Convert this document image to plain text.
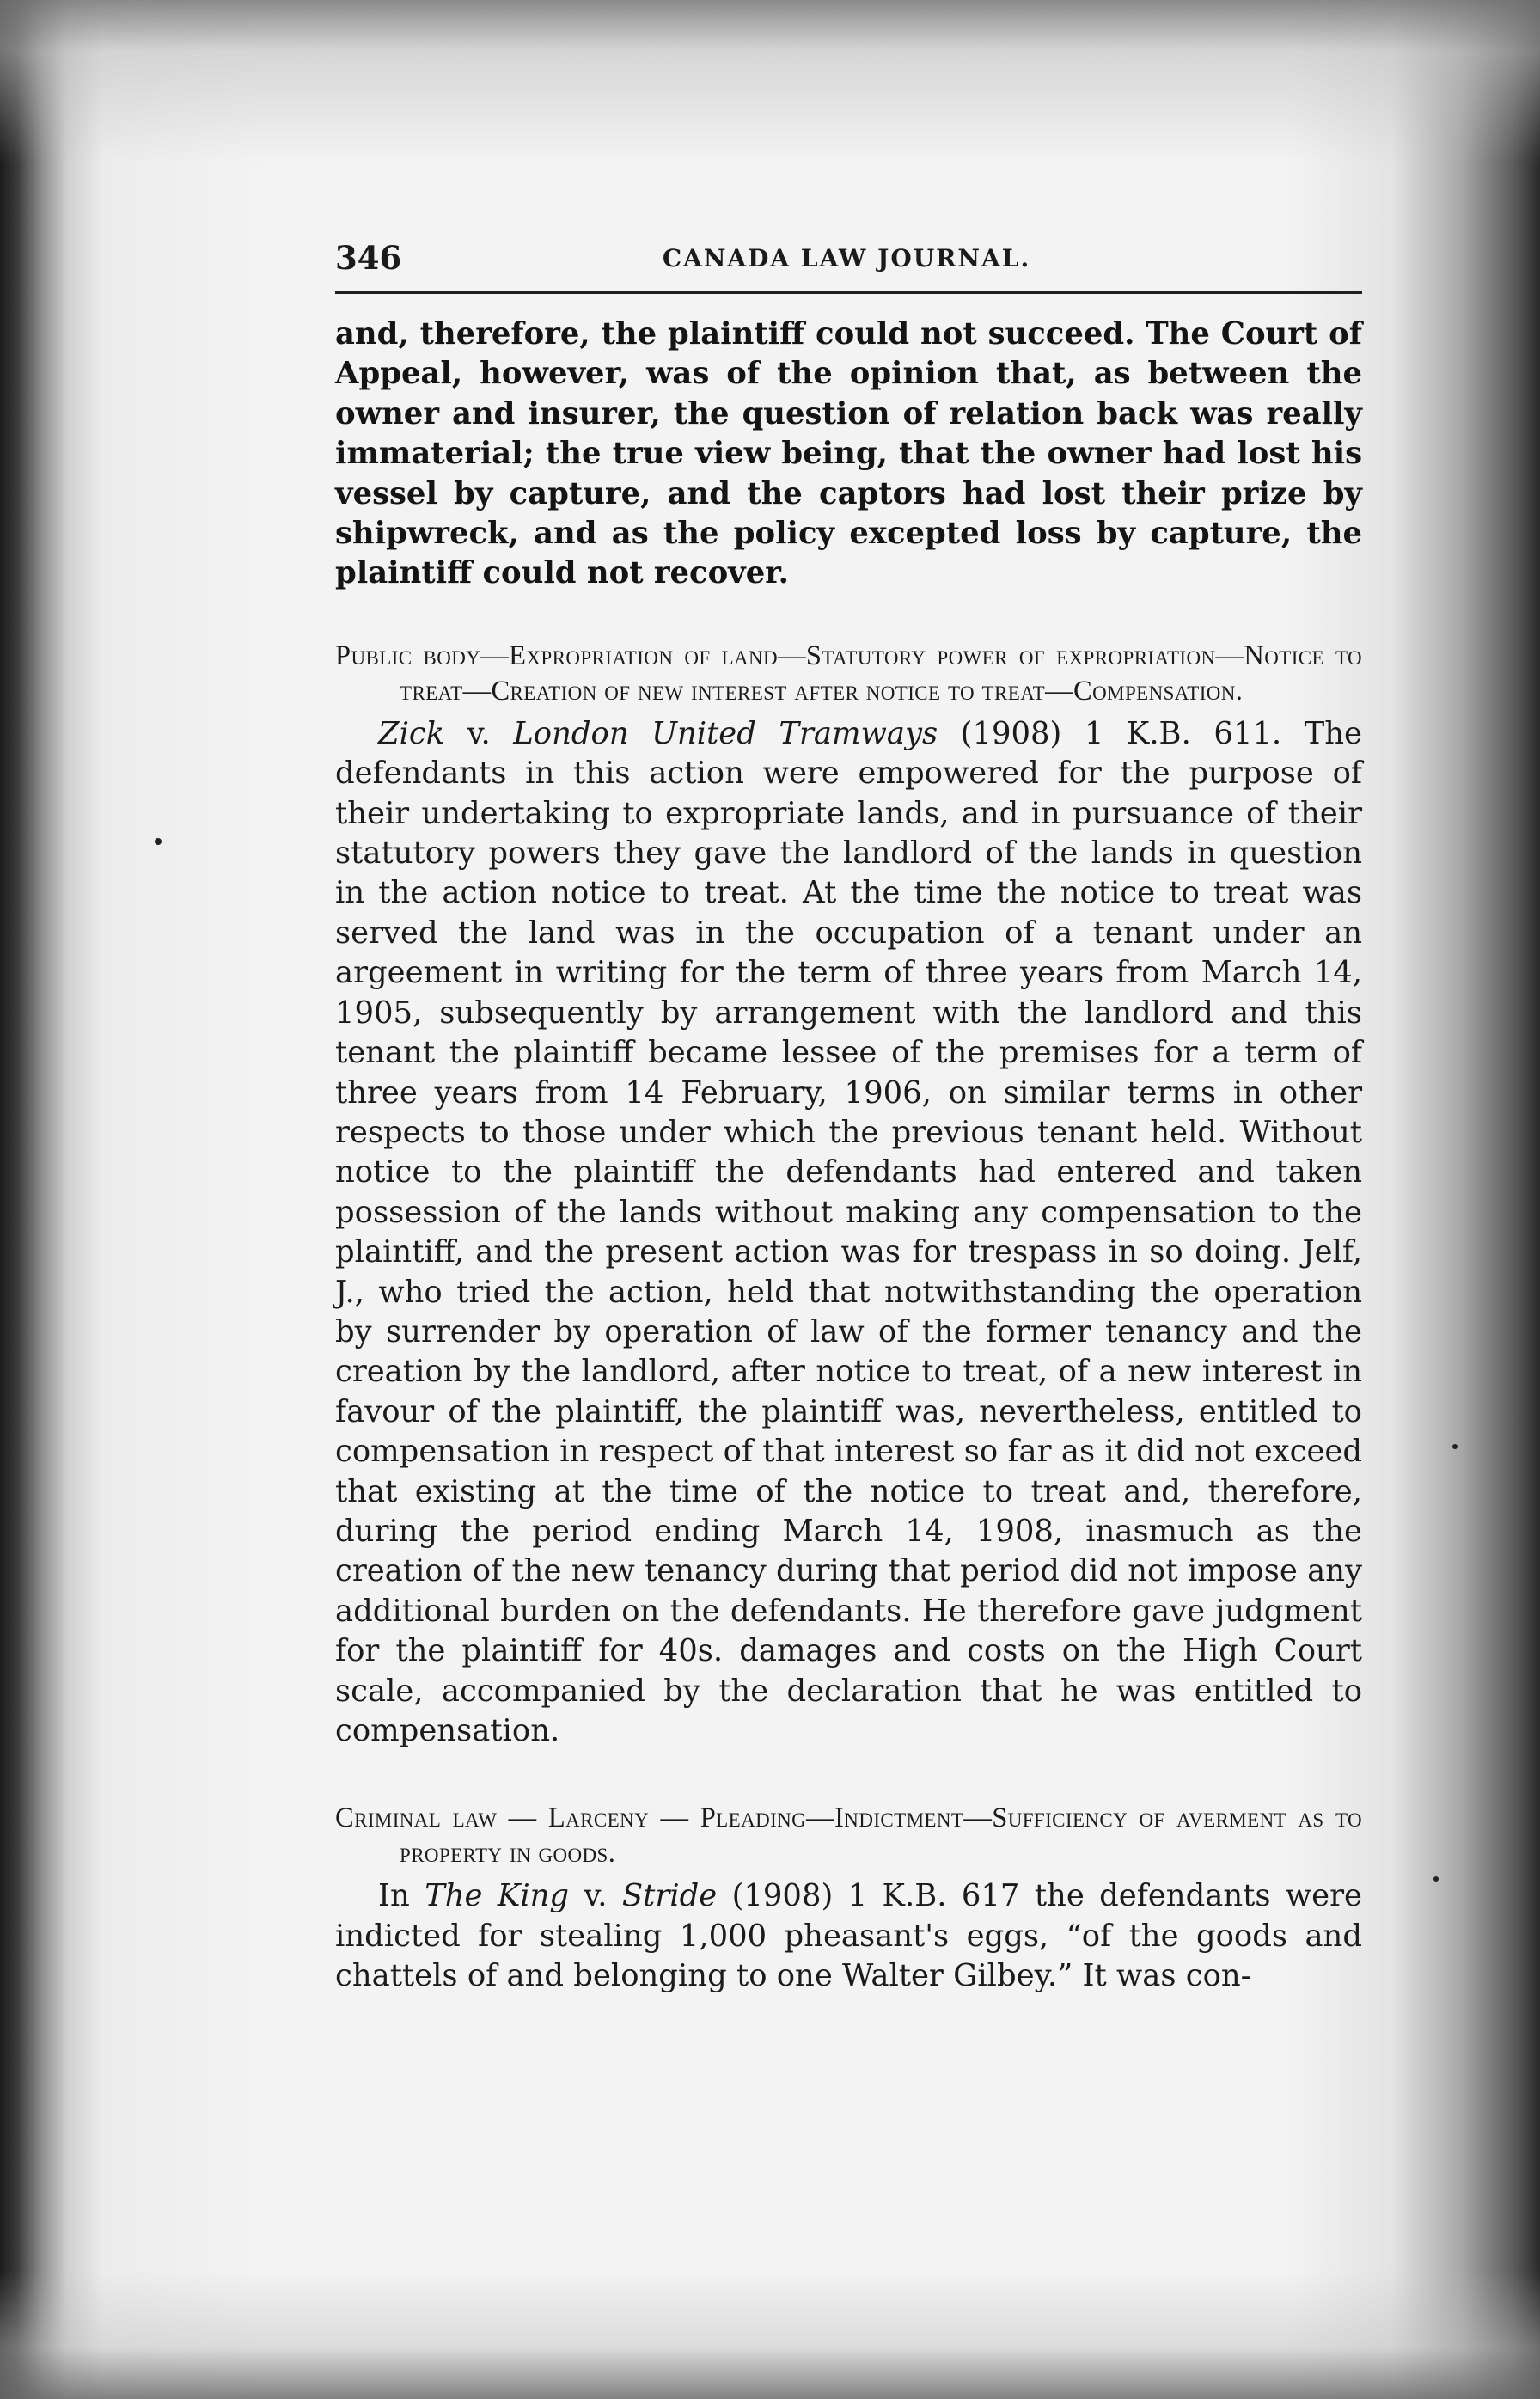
346	CANADA LAW JOURNAL.

and, therefore, the plaintiff could not succeed. The Court of Appeal, however, was of the opinion that, as between the owner and insurer, the question of relation back was really immaterial; the true view being, that the owner had lost his vessel by capture, and the captors had lost their prize by shipwreck, and as the policy excepted loss by capture, the plaintiff could not recover.

Public body—Expropriation of land—Statutory power of expropriation—Notice to treat—Creation of new interest after notice to treat—Compensation.

Zick v. London United Tramways (1908) 1 K.B. 611. The defendants in this action were empowered for the purpose of their undertaking to expropriate lands, and in pursuance of their statutory powers they gave the landlord of the lands in question in the action notice to treat. At the time the notice to treat was served the land was in the occupation of a tenant under an argeement in writing for the term of three years from March 14, 1905, subsequently by arrangement with the landlord and this tenant the plaintiff became lessee of the premises for a term of three years from 14 February, 1906, on similar terms in other respects to those under which the previous tenant held. Without notice to the plaintiff the defendants had entered and taken possession of the lands without making any compensation to the plaintiff, and the present action was for trespass in so doing. Jelf, J., who tried the action, held that notwithstanding the operation by surrender by operation of law of the former tenancy and the creation by the landlord, after notice to treat, of a new interest in favour of the plaintiff, the plaintiff was, nevertheless, entitled to compensation in respect of that interest so far as it did not exceed that existing at the time of the notice to treat and, therefore, during the period ending March 14, 1908, inasmuch as the creation of the new tenancy during that period did not impose any additional burden on the defendants. He therefore gave judgment for the plaintiff for 40s. damages and costs on the High Court scale, accompanied by the declaration that he was entitled to compensation.

Criminal law — Larceny — Pleading—Indictment—Sufficiency of averment as to property in goods.

In The King v. Stride (1908) 1 K.B. 617 the defendants were indicted for stealing 1,000 pheasant's eggs, “of the goods and chattels of and belonging to one Walter Gilbey.” It was con-
